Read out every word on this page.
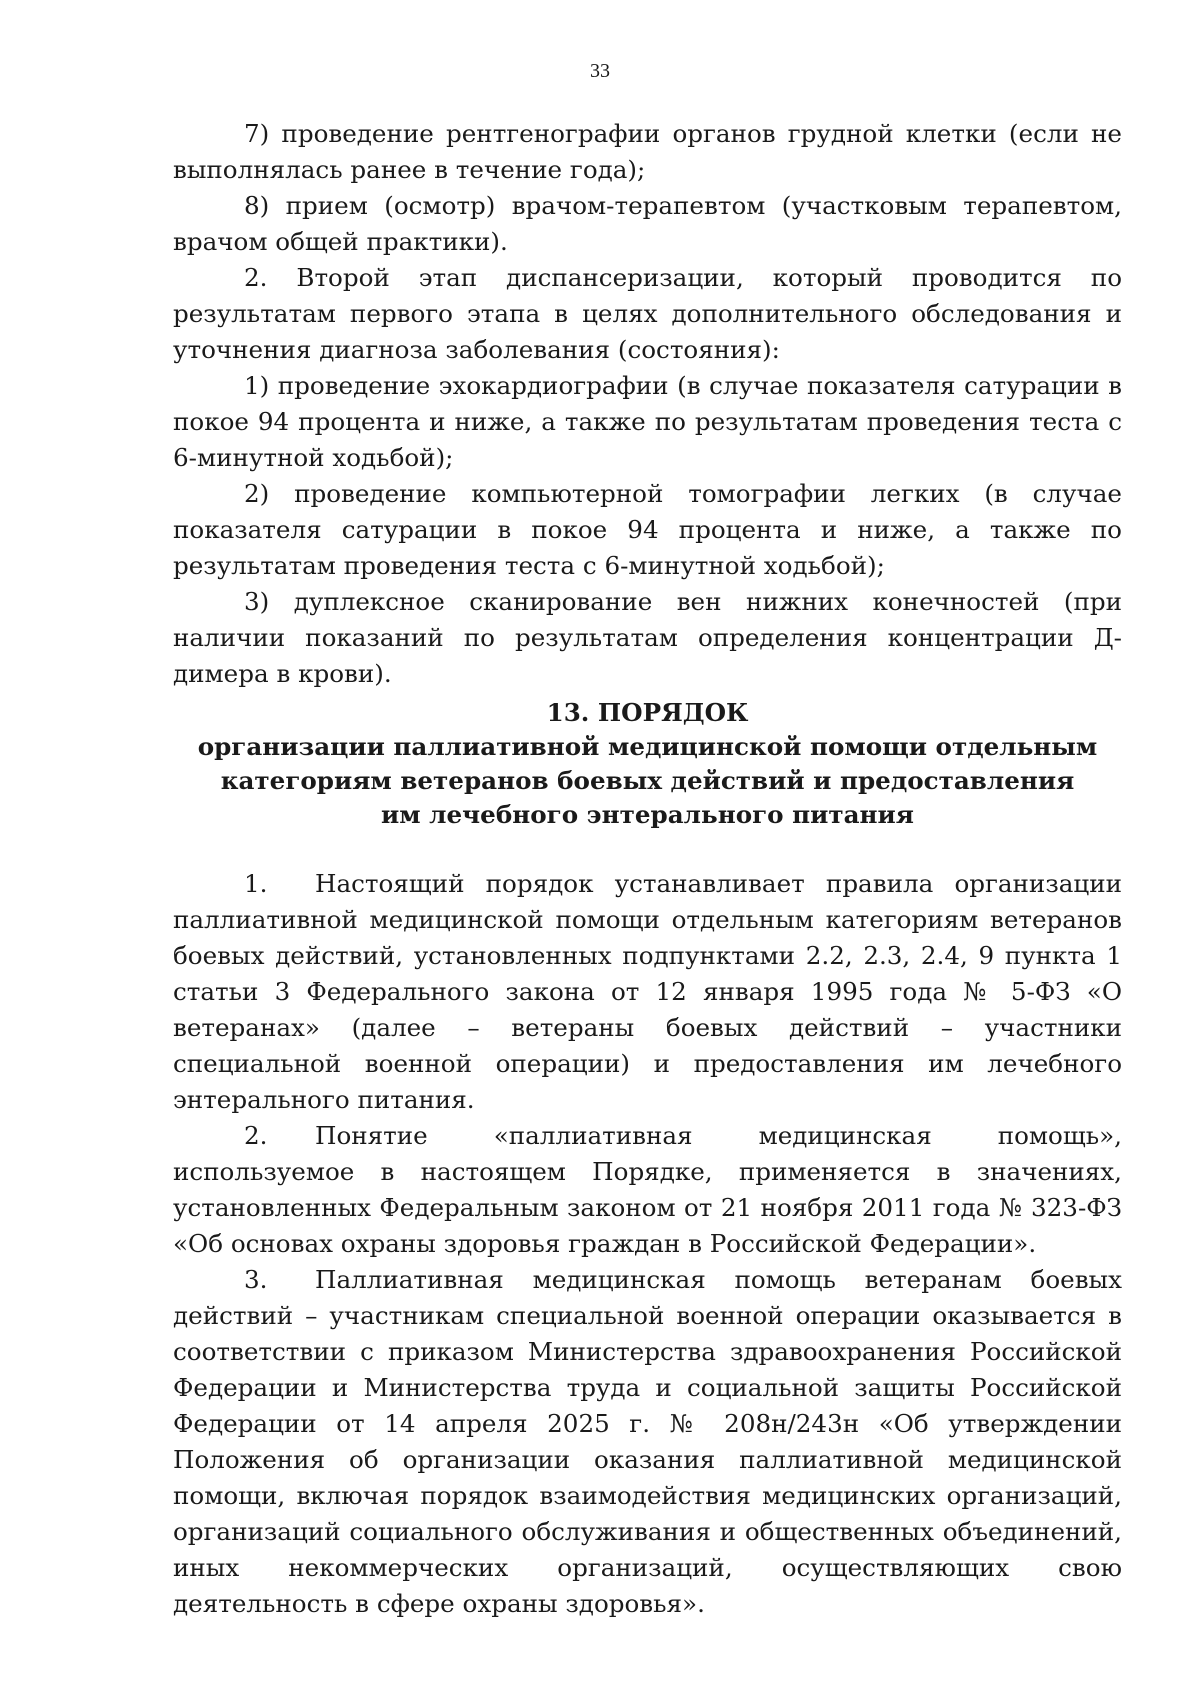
33

7) проведение рентгенографии органов грудной клетки (если не выполнялась ранее в течение года);

8) прием (осмотр) врачом-терапевтом (участковым терапевтом, врачом общей практики).

2. Второй этап диспансеризации, который проводится по результатам первого этапа в целях дополнительного обследования и уточнения диагноза заболевания (состояния):

1) проведение эхокардиографии (в случае показателя сатурации в покое 94 процента и ниже, а также по результатам проведения теста с 6-минутной ходьбой);

2) проведение компьютерной томографии легких (в случае показателя сатурации в покое 94 процента и ниже, а также по результатам проведения теста с 6-минутной ходьбой);

3) дуплексное сканирование вен нижних конечностей (при наличии показаний по результатам определения концентрации Д-димера в крови).

13. ПОРЯДОК
организации паллиативной медицинской помощи отдельным
категориям ветеранов боевых действий и предоставления
им лечебного энтерального питания

1. Настоящий порядок устанавливает правила организации паллиативной медицинской помощи отдельным категориям ветеранов боевых действий, установленных подпунктами 2.2, 2.3, 2.4, 9 пункта 1 статьи 3 Федерального закона от 12 января 1995 года № 5-ФЗ «О ветеранах» (далее – ветераны боевых действий – участники специальной военной операции) и предоставления им лечебного энтерального питания.

2. Понятие «паллиативная медицинская помощь», используемое в настоящем Порядке, применяется в значениях, установленных Федеральным законом от 21 ноября 2011 года № 323-ФЗ «Об основах охраны здоровья граждан в Российской Федерации».

3. Паллиативная медицинская помощь ветеранам боевых действий – участникам специальной военной операции оказывается в соответствии с приказом Министерства здравоохранения Российской Федерации и Министерства труда и социальной защиты Российской Федерации от 14 апреля 2025 г. № 208н/243н «Об утверждении Положения об организации оказания паллиативной медицинской помощи, включая порядок взаимодействия медицинских организаций, организаций социального обслуживания и общественных объединений, иных некоммерческих организаций, осуществляющих свою деятельность в сфере охраны здоровья».
